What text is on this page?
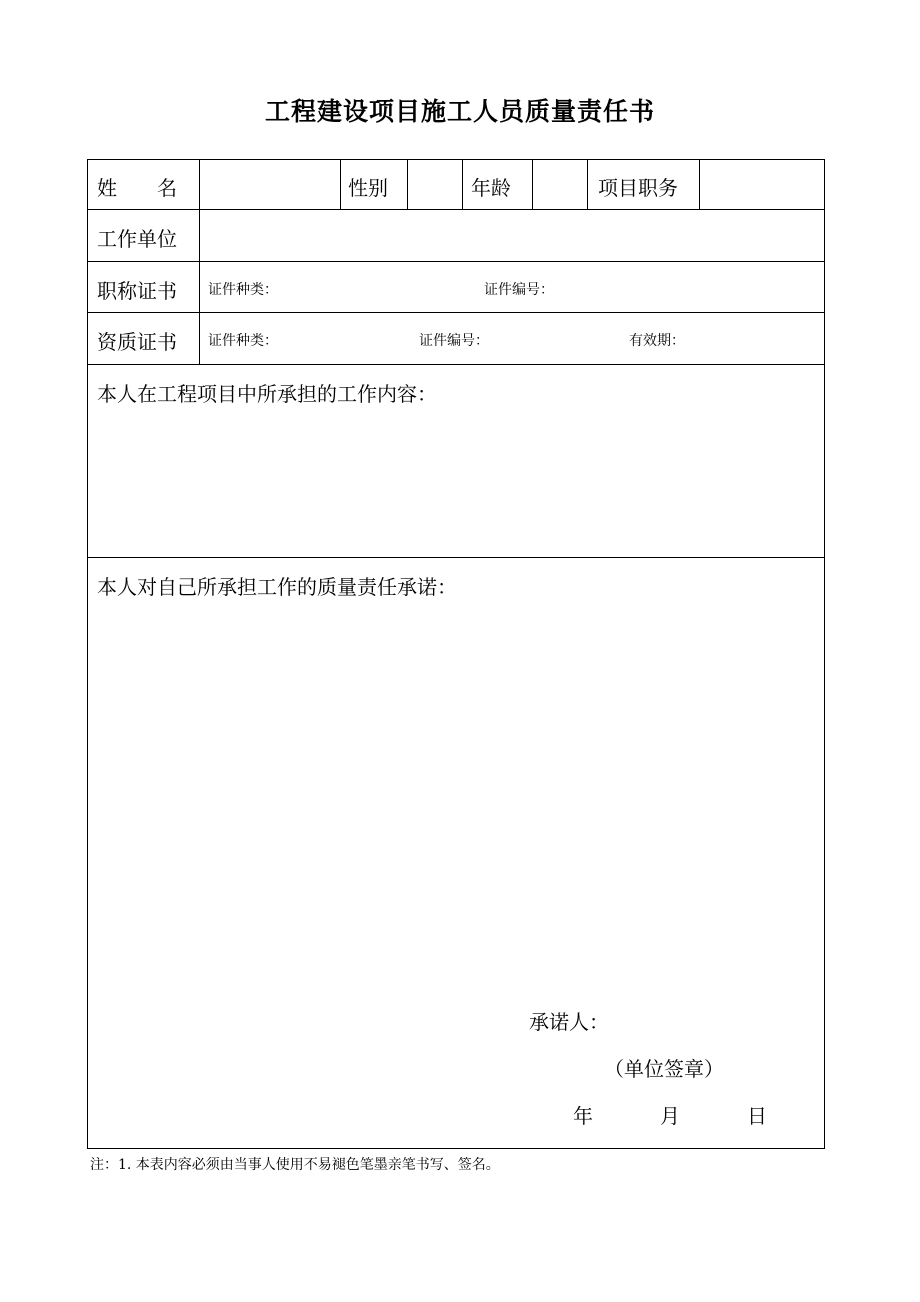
工程建设项目施工人员质量责任书
姓　　名	性别	年龄	项目职务
工作单位
职称证书 证件种类：	证件编号：
资质证书 证件种类：	证件编号：	有效期：
本人在工程项目中所承担的工作内容：
本人对自己所承担工作的质量责任承诺：
承诺人：
（单位签章）
年	月	日
注：1. 本表内容必须由当事人使用不易褪色笔墨亲笔书写、签名。
